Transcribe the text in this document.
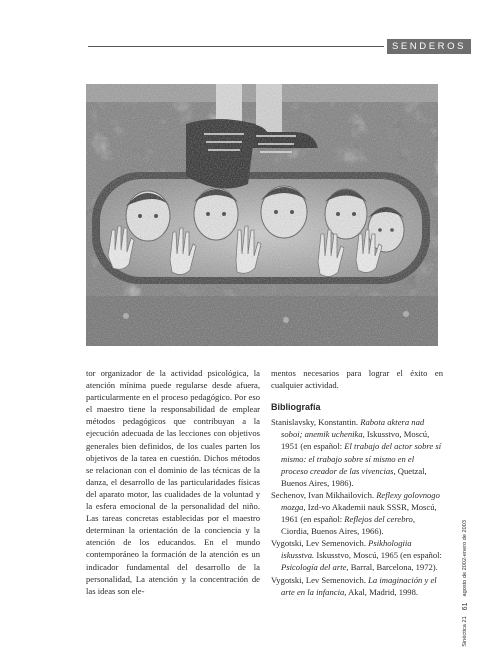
SENDEROS

tor organizador de la actividad psicológica, la atención mínima puede regularse desde afuera, particularmente en el proceso pedagógico. Por eso el maestro tiene la responsabilidad de emplear métodos pedagógicos que contribuyan a la ejecución adecuada de las lecciones con objetivos generales bien definidos, de los cuales parten los objetivos de la tarea en cuestión. Dichos métodos se relacionan con el dominio de las técnicas de la danza, el desarrollo de las particularidades físicas del aparato motor, las cualidades de la voluntad y la esfera emocional de la personalidad del niño. Las tareas concretas establecidas por el maestro determinan la orientación de la conciencia y la atención de los educandos. En el mundo contemporáneo la formación de la atención es un indicador fundamental del desarrollo de la personalidad, La atención y la concentración de las ideas son ele-

mentos necesarios para lograr el éxito en cualquier actividad.

Bibliografía

Stanislavsky, Konstantin. Rabota aktera nad soboi; anemik uchenika, Iskusstvo, Moscú, 1951 (en español: El trabajo del actor sobre sí mismo: el trabajo sobre sí mismo en el proceso creador de las vivencias, Quetzal, Buenos Aires, 1986).

Sechenov, Ivan Mikhailovich. Reflexy golovnogo mozga, Izd-vo Akademii nauk SSSR, Moscú, 1961 (en español: Reflejos del cerebro, Ciordia, Buenos Aires, 1966).

Vygotski, Lev Semenovich. Psikhologiia iskusstva. Iskusstvo, Moscú, 1965 (en español: Psicología del arte, Barral, Barcelona, 1972).

Vygotski, Lev Semenovich. La imaginación y el arte en la infancia, Akal, Madrid, 1998.

Sinéctica 21
61
agosto de 2002-enero de 2003
